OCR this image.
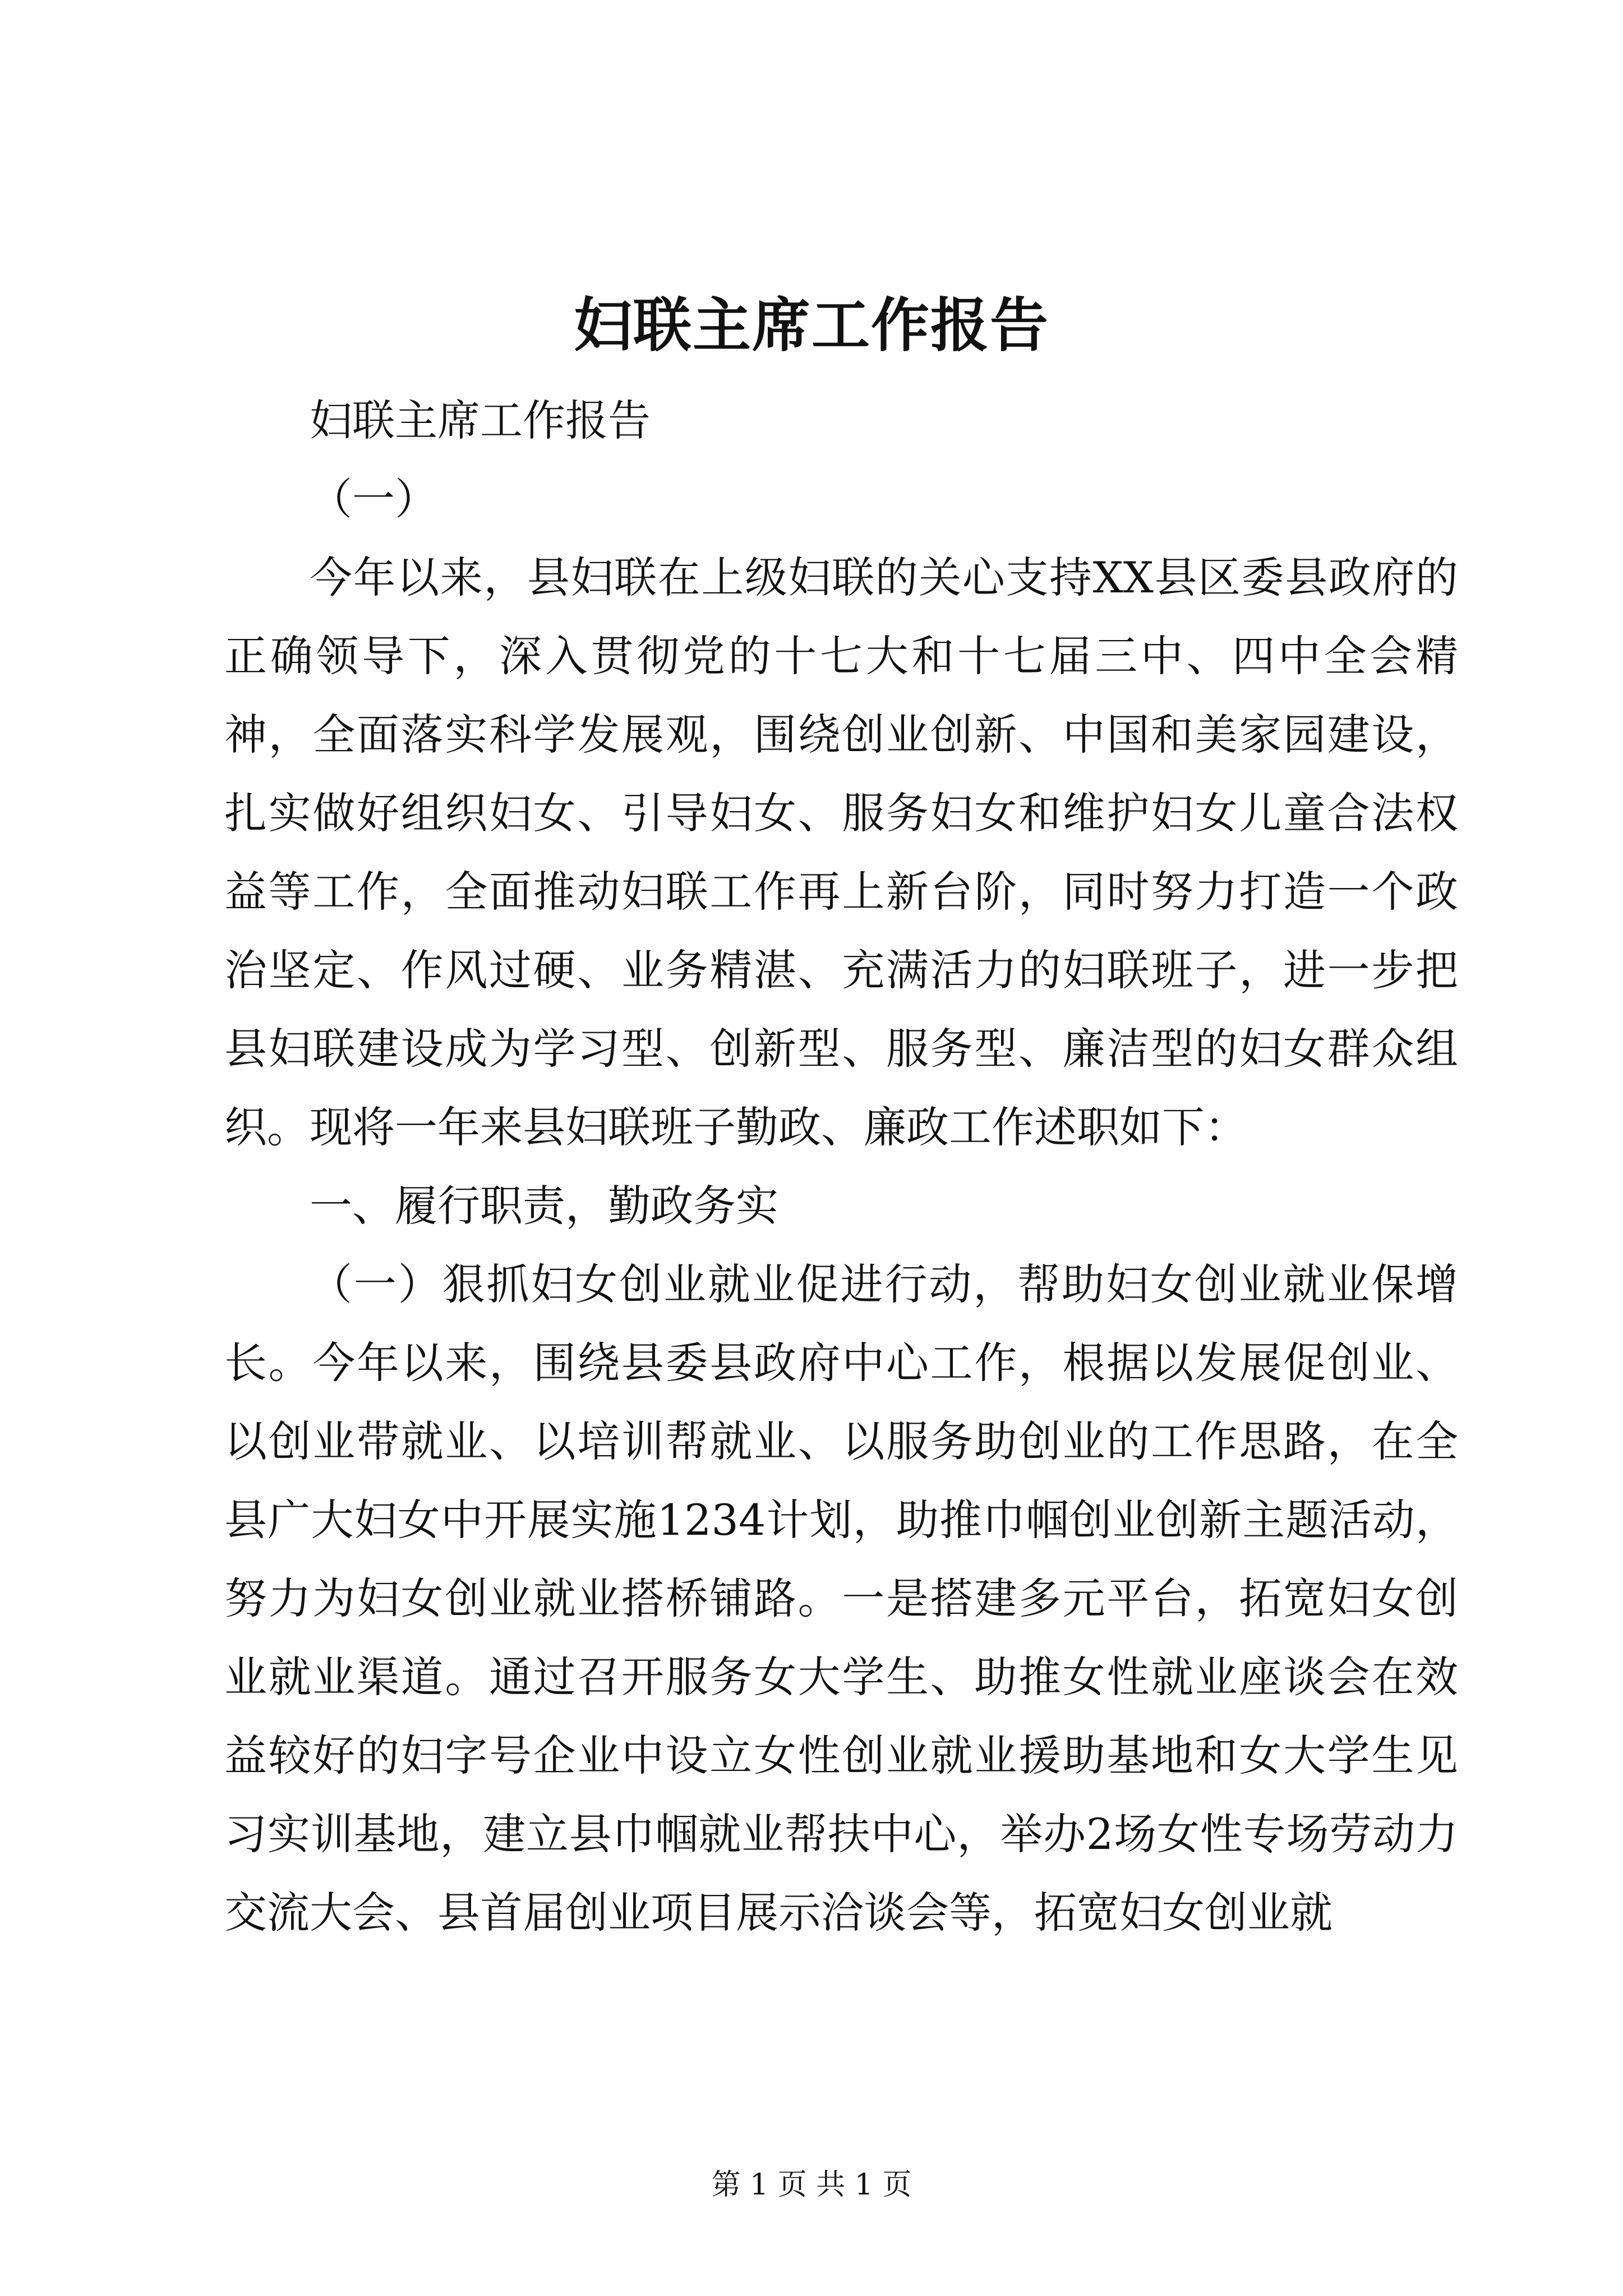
妇联主席工作报告

妇联主席工作报告

（一）

今年以来，县妇联在上级妇联的关心支持XX县区委县政府的正确领导下，深入贯彻党的十七大和十七届三中、四中全会精神，全面落实科学发展观，围绕创业创新、中国和美家园建设，扎实做好组织妇女、引导妇女、服务妇女和维护妇女儿童合法权益等工作，全面推动妇联工作再上新台阶，同时努力打造一个政治坚定、作风过硬、业务精湛、充满活力的妇联班子，进一步把县妇联建设成为学习型、创新型、服务型、廉洁型的妇女群众组织。现将一年来县妇联班子勤政、廉政工作述职如下：

一、履行职责，勤政务实

（一）狠抓妇女创业就业促进行动，帮助妇女创业就业保增长。今年以来，围绕县委县政府中心工作，根据以发展促创业、以创业带就业、以培训帮就业、以服务助创业的工作思路，在全县广大妇女中开展实施1234计划，助推巾帼创业创新主题活动，努力为妇女创业就业搭桥铺路。一是搭建多元平台，拓宽妇女创业就业渠道。通过召开服务女大学生、助推女性就业座谈会在效益较好的妇字号企业中设立女性创业就业援助基地和女大学生见习实训基地，建立县巾帼就业帮扶中心，举办2场女性专场劳动力交流大会、县首届创业项目展示洽谈会等，拓宽妇女创业就

第 1 页 共 1 页
